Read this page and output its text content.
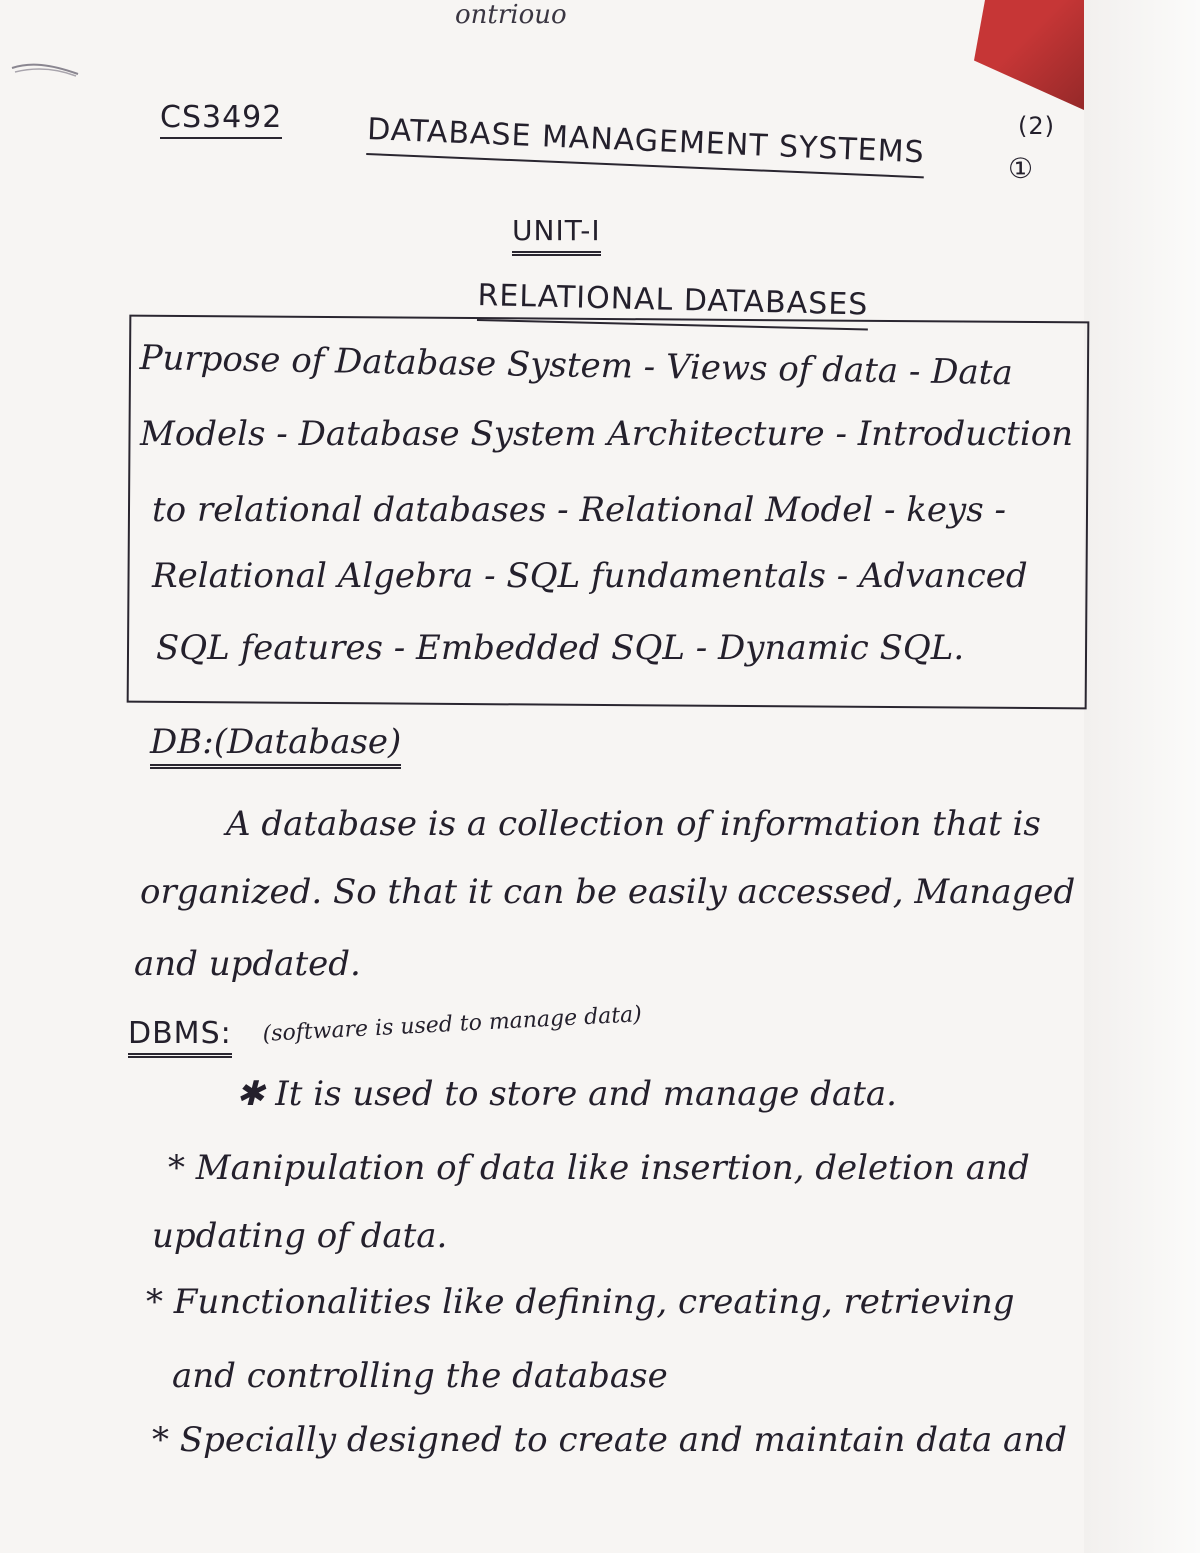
ontriouo
CS3492	DATABASE MANAGEMENT SYSTEMS	(2)
①
UNIT-I
RELATIONAL DATABASES
Purpose of Database System - Views of data - Data
Models - Database System Architecture - Introduction
to relational databases - Relational Model - keys -
Relational Algebra - SQL fundamentals - Advanced
SQL features - Embedded SQL - Dynamic SQL.
DB:(Database)
A database is a collection of information that is
organized. So that it can be easily accessed, Managed
and updated.
DBMS: (software is used to manage data)
✱ It is used to store and manage data.
* Manipulation of data like insertion, deletion and
updating of data.
* Functionalities like defining, creating, retrieving
and controlling the database
* Specially designed to create and maintain data and
